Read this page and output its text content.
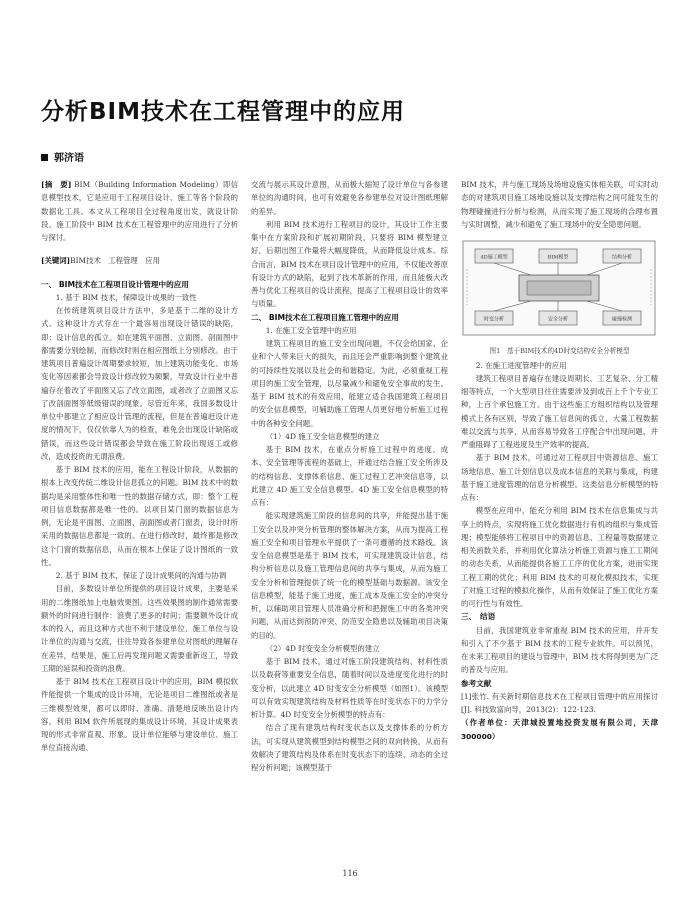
分析BIM技术在工程管理中的应用
郭济语

[摘　要] BIM（Building Information Modeling）即信息模型技术，它是应用于工程项目设计、施工等各个阶段的数据化工具。本文从工程项目全过程角度出发，就设计阶段、施工阶段中 BIM 技术在工程管理中的应用进行了分析与探讨。

[关键词]BIM技术　工程管理　应用

一、 BIM技术在工程项目设计管理中的应用

1. 基于 BIM 技术，保障设计成果的一致性

在传统建筑项目设计方法中，多是基于二维的设计方式。这种设计方式存在一个最容易出现设计错误的缺陷，即：设计信息的孤立。如在建筑平面图、立面图、剖面图中都需要分别绘制，而修改时则在相应图纸上分别修改。由于建筑项目普遍设计周期要求较短，加上建筑功能变化、市场变化等因素都会导致设计修改较为频繁，导致设计行业中普遍存在着改了平面图又忘了改立面图，或者改了立面图又忘了改剖面图等低级错误的现象。尽管近年来，我国多数设计单位中都建立了相应设计管理的流程，但是在普遍赶设计进度的情况下，仅仅依靠人为的检查，难免会出现设计缺陷或错误，而这些设计错误都会导致在施工阶段出现返工或修改，造成投资的无谓浪费。

基于 BIM 技术的应用，能在工程设计阶段，从数据的根本上改变传统二维设计信息孤立的问题。BIM 技术中的数据均是采用整体性和唯一性的数据存储方式，即：整个工程项目信息数据都是唯一性的。以项目某门窗的数据信息为例，无论是平面图、立面图、剖面图或者门窗表，设计时所采用的数据信息都是一致的。在进行修改时，最终都是修改这个门窗的数据信息，从而在根本上保证了设计图纸的一致性。

2. 基于 BIM 技术，保证了设计成果间的沟通与协调

目前，多数设计单位所提供的项目设计成果，主要是采用的二维图纸加上电脑效果图。这些效果图的制作通常需要额外的时间进行制作：浪费了更多的时间；需要额外设计成本的投入，而且这种方式也不利于建设单位、施工单位与设计单位的沟通与交流，往往导致各参建单位对图纸的理解存在差异，结果是，施工后再发现问题又需要重新返工，导致工期的延误和投资的浪费。

基于 BIM 技术在工程项目设计中的应用，BIM 模拟软件能提供一个集成的设计环境，无论是项目二维图纸或者是三维模型效果，都可以即时、准确、清楚地反映出设计内容。利用 BIM 软件所展现的集成设计环境，其设计成果表现的形式非常直观、形象。设计单位能够与建设单位、施工单位直接沟通、

交流与展示其设计意图，从而极大缩短了设计单位与各参建单位的沟通时间，也可有效避免各参建单位对设计图纸理解的差异。

利用 BIM 技术进行工程项目的设计，其设计工作主要集中在方案阶段和扩展初期阶段，只要将 BIM 模型建立好，后期出图工作量将大幅度降低，从而降低设计成本。综合而言，BIM 技术在项目设计管理中的应用，不仅能改善原有设计方式的缺陷，起到了技术革新的作用，而且能极大改善与优化工程项目的设计流程，提高了工程项目设计的效率与质量。

二、 BIM技术在工程项目施工管理中的应用

1. 在施工安全管理中的应用

建筑工程项目的施工安全出现问题，不仅会给国家、企业和个人带来巨大的损失，而且还会严重影响到整个建筑业的可持续性发展以及社会的和谐稳定。为此，必须重视工程项目的施工安全管理，以尽量减少和避免安全事故的发生。基于 BIM 技术的有效应用，能建立适合我国建筑工程项目的安全信息模型，可辅助施工管理人员更好地分析施工过程中的各种安全问题。

（1）4D 施工安全信息模型的建立

基于 BIM 技术，在重点分析施工过程中的进度、成本、安全管理等流程的基础上，并通过结合施工安全所涉及的结构信息、支撑体系信息、施工过程工艺冲突信息等，以此建立 4D 施工安全信息模型。4D 施工安全信息模型的特点有：

能实现建筑施工阶段的信息间的共享，并能提出基于施工安全以及冲突分析管理的整体解决方案，从而为提高工程施工安全和项目管理水平提供了一条可遵循的技术路线。该安全信息模型是基于 BIM 技术，可实现建筑设计信息，结构分析信息以及施工管理信息间的共享与集成，从而为施工安全分析和管理提供了统一化的模型基础与数据源。该安全信息模型，能基于施工进度，施工成本及施工安全的冲突分析，以辅助项目管理人员准确分析和把握施工中的各类冲突问题，从而达到预防冲突、防范安全隐患以及辅助项目决策的目的。

（2）4D 时变安全分析模型的建立

基于 BIM 技术，通过对施工阶段建筑结构、材料性质以及载荷等重要安全信息，随着时间以及进度变化进行的时变分析，以此建立 4D 时变安全分析模型（如图1）。该模型可以有效实现建筑结构及材料性质等在时变状态下的力学分析计算。4D 时变安全分析模型的特点有：

结合了现有建筑结构时变状态以及支撑体系的分析方法，可实现从建筑模型到结构模型之间的双向转换，从而有效解决了建筑结构及体系在时变状态下的连续、动态的全过程分析问题；该模型基于

BIM 技术，并与施工现场及场地设施实体相关联，可实时动态的对建筑项目施工场地设施以及支撑结构之间可能发生的物理碰撞进行分析与检测，从而实现了施工现场的合理布置与实时调整，减少和避免了施工现场中的安全隐患问题。

4D施工模型	BIM模型	结构分析
时变分析	安全分析	碰撞检测

图1　基于BIM技术的4D时变结构安全分析模型

2. 在施工进度管理中的应用

建筑工程项目普遍存在建设周期长、工艺复杂、分工精细等特点，一个大型项目往往需要涉及到成百上千个专业工种，上百个承包施工方。由于这些施工方组织结构以及管理模式上各有区别，导致了施工信息间的孤立，大量工程数据难以交流与共享，从而容易导致各工序配合中出现问题，并严重阻碍了工程进度及生产效率的提高。

基于 BIM 技术，可通过对工程项目中资源信息、施工场地信息、施工计划信息以及成本信息的关联与集成，构建基于施工进度管理的信息分析模型。这类信息分析模型的特点有：

模型在应用中，能充分利用 BIM 技术在信息集成与共享上的特点，实现将施工优化数据进行有机的组织与集成管理；模型能够将工程项目中的资源信息、工程量等数据建立相关函数关系，并利用优化算法分析施工资源与施工工期间的动态关系，从而能提供各施工工序的优化方案，进而实现工程工期的优化；利用 BIM 技术的可视化模拟技术，实现了对施工过程的模拟化操作，从而有效保证了施工优化方案的可行性与有效性。

三、　结语

目前，我国建筑业非常重视 BIM 技术的应用，并开发和引入了不少基于 BIM 技术的工程专业软件。可以预见，在未来工程项目的建设与管理中，BIM 技术将得到更为广泛的普及与应用。

参考文献

[1]张竹. 有关新时期信息技术在工程项目管理中的应用探讨[J]. 科技致富向导，2013(2)：122-123.

（作者单位：天津城投置地投资发展有限公司，天津 300000）

116
